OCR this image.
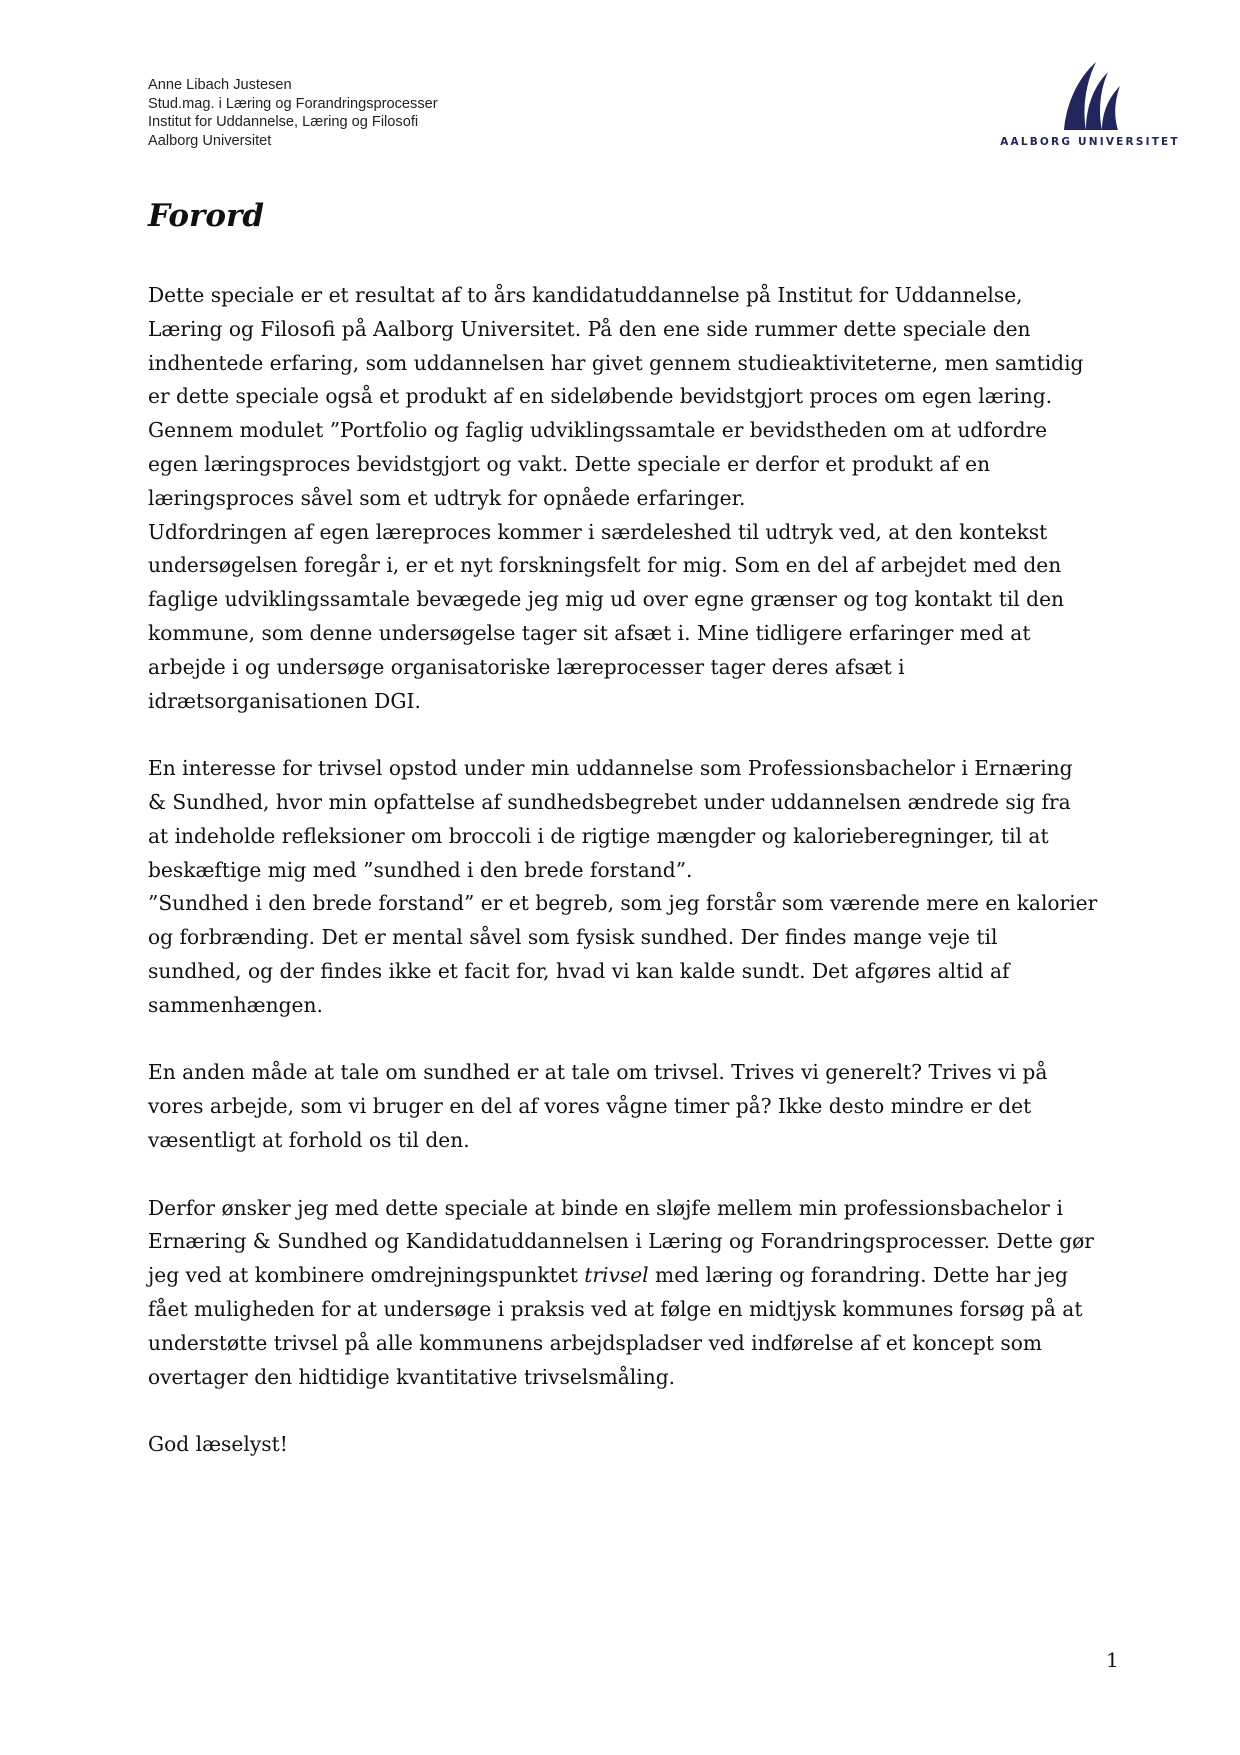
Anne Libach Justesen
Stud.mag. i Læring og Forandringsprocesser
Institut for Uddannelse, Læring og Filosofi
Aalborg Universitet	AALBORG UNIVERSITET
Forord
Dette speciale er et resultat af to års kandidatuddannelse på Institut for Uddannelse,
Læring og Filosofi på Aalborg Universitet. På den ene side rummer dette speciale den
indhentede erfaring, som uddannelsen har givet gennem studieaktiviteterne, men samtidig
er dette speciale også et produkt af en sideløbende bevidstgjort proces om egen læring.
Gennem modulet ”Portfolio og faglig udviklingssamtale er bevidstheden om at udfordre
egen læringsproces bevidstgjort og vakt. Dette speciale er derfor et produkt af en
læringsproces såvel som et udtryk for opnåede erfaringer.
Udfordringen af egen læreproces kommer i særdeleshed til udtryk ved, at den kontekst
undersøgelsen foregår i, er et nyt forskningsfelt for mig. Som en del af arbejdet med den
faglige udviklingssamtale bevægede jeg mig ud over egne grænser og tog kontakt til den
kommune, som denne undersøgelse tager sit afsæt i. Mine tidligere erfaringer med at
arbejde i og undersøge organisatoriske læreprocesser tager deres afsæt i
idrætsorganisationen DGI.
En interesse for trivsel opstod under min uddannelse som Professionsbachelor i Ernæring
& Sundhed, hvor min opfattelse af sundhedsbegrebet under uddannelsen ændrede sig fra
at indeholde refleksioner om broccoli i de rigtige mængder og kalorieberegninger, til at
beskæftige mig med ”sundhed i den brede forstand”.
”Sundhed i den brede forstand” er et begreb, som jeg forstår som værende mere en kalorier
og forbrænding. Det er mental såvel som fysisk sundhed. Der findes mange veje til
sundhed, og der findes ikke et facit for, hvad vi kan kalde sundt. Det afgøres altid af
sammenhængen.
En anden måde at tale om sundhed er at tale om trivsel. Trives vi generelt? Trives vi på
vores arbejde, som vi bruger en del af vores vågne timer på? Ikke desto mindre er det
væsentligt at forhold os til den.
Derfor ønsker jeg med dette speciale at binde en sløjfe mellem min professionsbachelor i
Ernæring & Sundhed og Kandidatuddannelsen i Læring og Forandringsprocesser. Dette gør
jeg ved at kombinere omdrejningspunktet trivsel med læring og forandring. Dette har jeg
fået muligheden for at undersøge i praksis ved at følge en midtjysk kommunes forsøg på at
understøtte trivsel på alle kommunens arbejdspladser ved indførelse af et koncept som
overtager den hidtidige kvantitative trivselsmåling.
God læselyst!
1
